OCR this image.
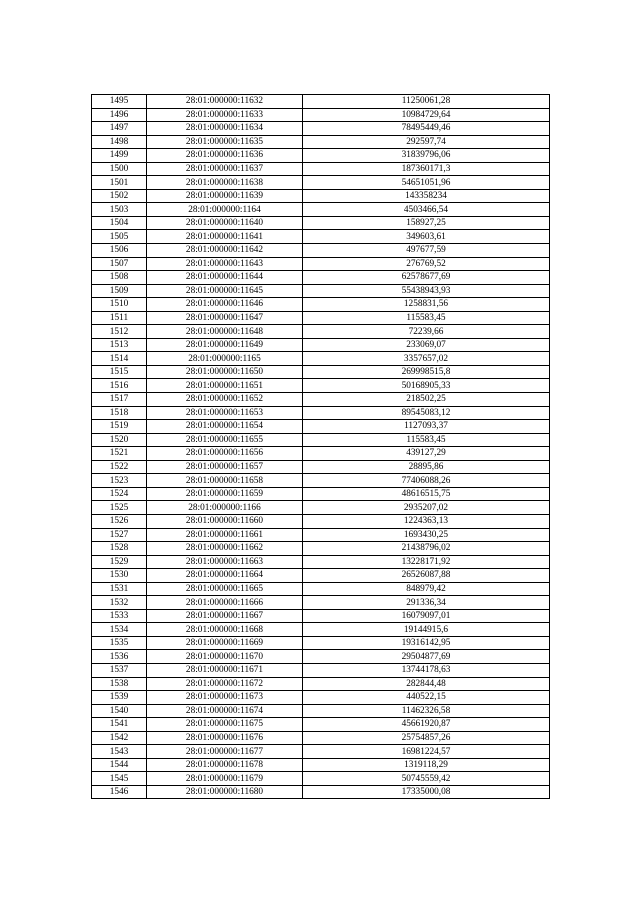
1495	28:01:000000:11632	11250061,28
1496	28:01:000000:11633	10984729,64
1497	28:01:000000:11634	78495449,46
1498	28:01:000000:11635	292597,74
1499	28:01:000000:11636	31839796,06
1500	28:01:000000:11637	187360171,3
1501	28:01:000000:11638	54651051,96
1502	28:01:000000:11639	143358234
1503	28:01:000000:1164	4503466,54
1504	28:01:000000:11640	158927,25
1505	28:01:000000:11641	349603,61
1506	28:01:000000:11642	497677,59
1507	28:01:000000:11643	276769,52
1508	28:01:000000:11644	62578677,69
1509	28:01:000000:11645	55438943,93
1510	28:01:000000:11646	1258831,56
1511	28:01:000000:11647	115583,45
1512	28:01:000000:11648	72239,66
1513	28:01:000000:11649	233069,07
1514	28:01:000000:1165	3357657,02
1515	28:01:000000:11650	269998515,8
1516	28:01:000000:11651	50168905,33
1517	28:01:000000:11652	218502,25
1518	28:01:000000:11653	89545083,12
1519	28:01:000000:11654	1127093,37
1520	28:01:000000:11655	115583,45
1521	28:01:000000:11656	439127,29
1522	28:01:000000:11657	28895,86
1523	28:01:000000:11658	77406088,26
1524	28:01:000000:11659	48616515,75
1525	28:01:000000:1166	2935207,02
1526	28:01:000000:11660	1224363,13
1527	28:01:000000:11661	1693430,25
1528	28:01:000000:11662	21438796,02
1529	28:01:000000:11663	13228171,92
1530	28:01:000000:11664	26526087,88
1531	28:01:000000:11665	848979,42
1532	28:01:000000:11666	291336,34
1533	28:01:000000:11667	16079097,01
1534	28:01:000000:11668	19144915,6
1535	28:01:000000:11669	19316142,95
1536	28:01:000000:11670	29504877,69
1537	28:01:000000:11671	13744178,63
1538	28:01:000000:11672	282844,48
1539	28:01:000000:11673	440522,15
1540	28:01:000000:11674	11462326,58
1541	28:01:000000:11675	45661920,87
1542	28:01:000000:11676	25754857,26
1543	28:01:000000:11677	16981224,57
1544	28:01:000000:11678	1319118,29
1545	28:01:000000:11679	50745559,42
1546	28:01:000000:11680	17335000,08
